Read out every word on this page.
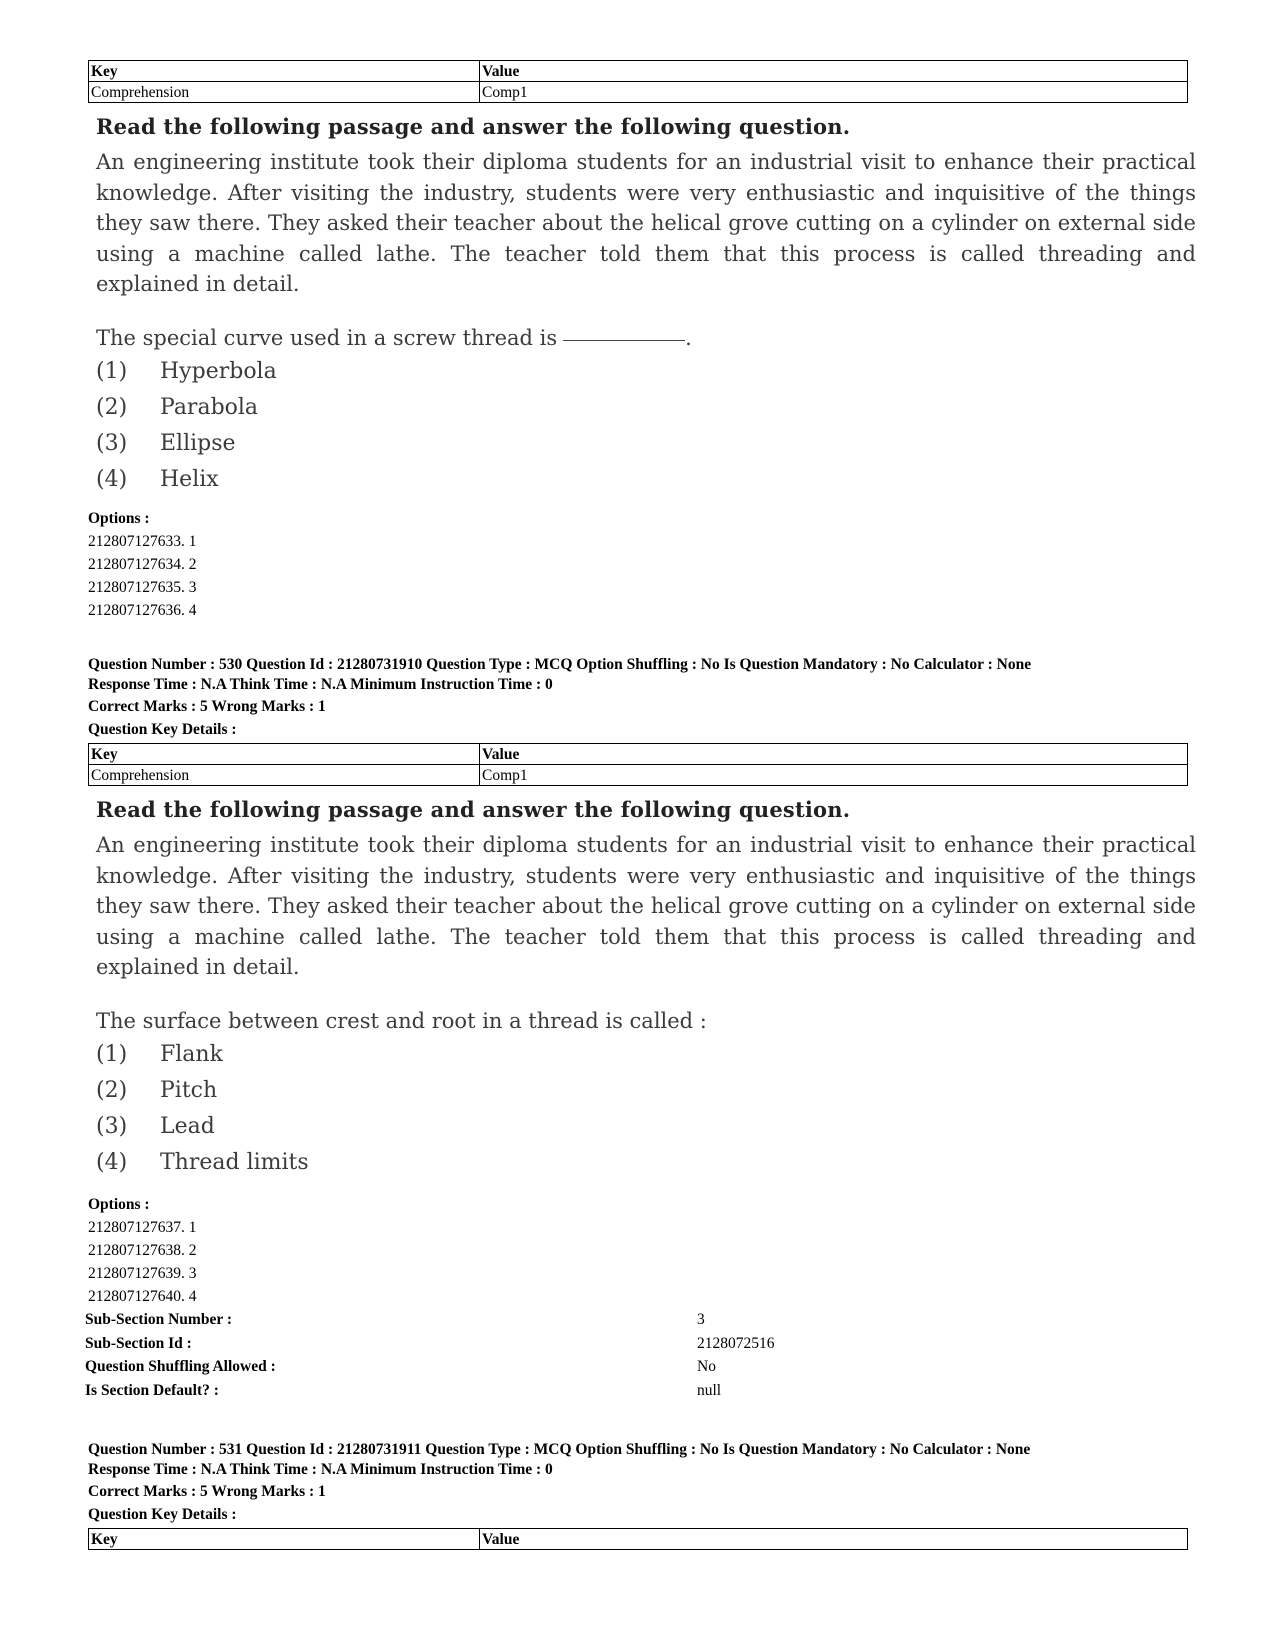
Key	Value
Comprehension	Comp1
Read the following passage and answer the following question.
An engineering institute took their diploma students for an industrial visit to enhance their practical knowledge. After visiting the industry, students were very enthusiastic and inquisitive of the things they saw there. They asked their teacher about the helical grove cutting on a cylinder on external side using a machine called lathe. The teacher told them that this process is called threading and explained in detail.
The special curve used in a screw thread is	.
(1)	Hyperbola
(2)	Parabola
(3)	Ellipse
(4)	Helix
Options :
212807127633. 1
212807127634. 2
212807127635. 3
212807127636. 4
Question Number : 530 Question Id : 21280731910 Question Type : MCQ Option Shuffling : No Is Question Mandatory : No Calculator : None
Response Time : N.A Think Time : N.A Minimum Instruction Time : 0
Correct Marks : 5 Wrong Marks : 1
Question Key Details :
Key	Value
Comprehension	Comp1
Read the following passage and answer the following question.
An engineering institute took their diploma students for an industrial visit to enhance their practical knowledge. After visiting the industry, students were very enthusiastic and inquisitive of the things they saw there. They asked their teacher about the helical grove cutting on a cylinder on external side using a machine called lathe. The teacher told them that this process is called threading and explained in detail.
The surface between crest and root in a thread is called :
(1)	Flank
(2)	Pitch
(3)	Lead
(4)	Thread limits
Options :
212807127637. 1
212807127638. 2
212807127639. 3
212807127640. 4
Sub-Section Number :	3
Sub-Section Id :	2128072516
Question Shuffling Allowed :	No
Is Section Default? :	null
Question Number : 531 Question Id : 21280731911 Question Type : MCQ Option Shuffling : No Is Question Mandatory : No Calculator : None
Response Time : N.A Think Time : N.A Minimum Instruction Time : 0
Correct Marks : 5 Wrong Marks : 1
Question Key Details :
Key	Value
